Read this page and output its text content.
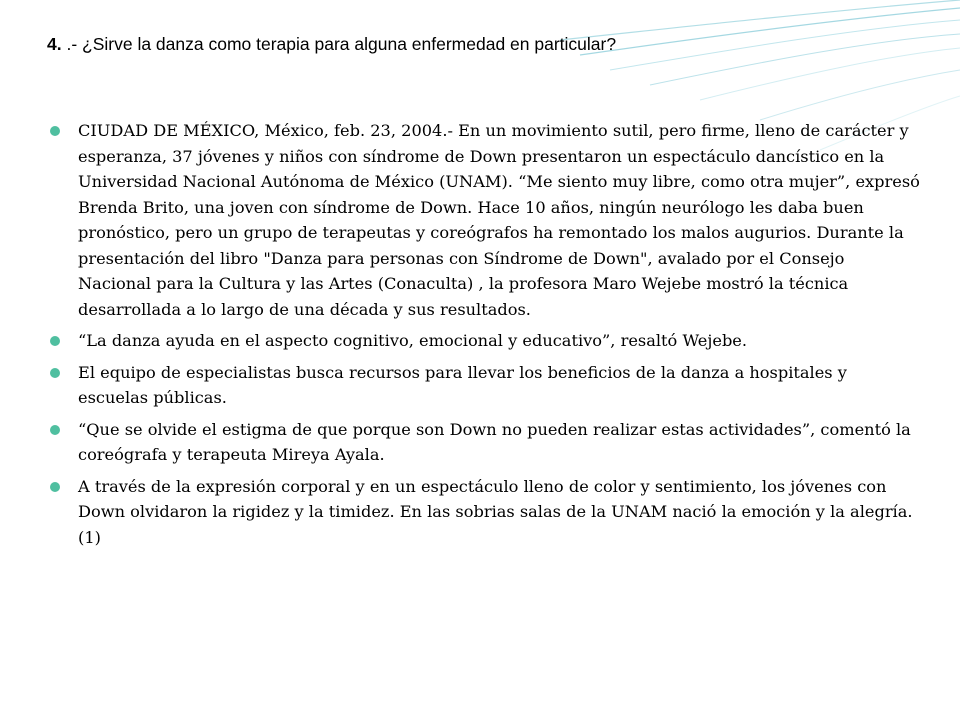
4. .- ¿Sirve la danza como terapia para alguna enfermedad en particular?

CIUDAD DE MÉXICO, México, feb. 23, 2004.- En un movimiento sutil, pero firme, lleno de carácter y esperanza, 37 jóvenes y niños con síndrome de Down presentaron un espectáculo dancístico en la Universidad Nacional Autónoma de México (UNAM). “Me siento muy libre, como otra mujer”, expresó Brenda Brito, una joven con síndrome de Down. Hace 10 años, ningún neurólogo les daba buen pronóstico, pero un grupo de terapeutas y coreógrafos ha remontado los malos augurios. Durante la presentación del libro "Danza para personas con Síndrome de Down", avalado por el Consejo Nacional para la Cultura y las Artes (Conaculta) , la profesora Maro Wejebe mostró la técnica desarrollada a lo largo de una década y sus resultados.
“La danza ayuda en el aspecto cognitivo, emocional y educativo”, resaltó Wejebe.
El equipo de especialistas busca recursos para llevar los beneficios de la danza a hospitales y escuelas públicas.
“Que se olvide el estigma de que porque son Down no pueden realizar estas actividades”, comentó la coreógrafa y terapeuta Mireya Ayala.
A través de la expresión corporal y en un espectáculo lleno de color y sentimiento, los jóvenes con Down olvidaron la rigidez y la timidez. En las sobrias salas de la UNAM nació la emoción y la alegría.(1)
